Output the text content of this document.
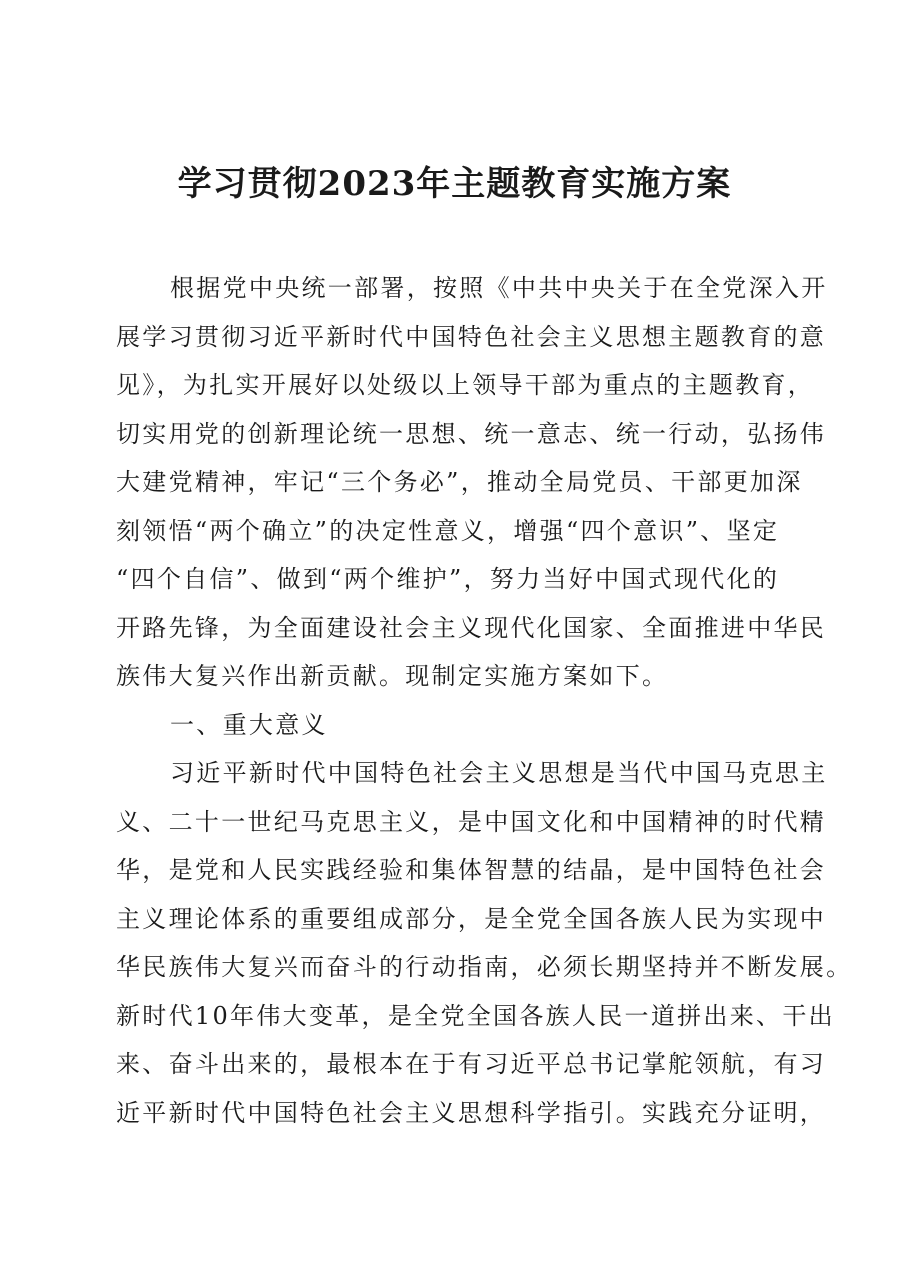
学习贯彻2023年主题教育实施方案
根据党中央统一部署，按照《中共中央关于在全党深入开
展学习贯彻习近平新时代中国特色社会主义思想主题教育的意
见》，为扎实开展好以处级以上领导干部为重点的主题教育，
切实用党的创新理论统一思想、统一意志、统一行动，弘扬伟
大建党精神，牢记“三个务必”，推动全局党员、干部更加深
刻领悟“两个确立”的决定性意义，增强“四个意识”、坚定
“四个自信”、做到“两个维护”，努力当好中国式现代化的
开路先锋，为全面建设社会主义现代化国家、全面推进中华民
族伟大复兴作出新贡献。现制定实施方案如下。
一、重大意义
习近平新时代中国特色社会主义思想是当代中国马克思主
义、二十一世纪马克思主义，是中国文化和中国精神的时代精
华，是党和人民实践经验和集体智慧的结晶，是中国特色社会
主义理论体系的重要组成部分，是全党全国各族人民为实现中
华民族伟大复兴而奋斗的行动指南，必须长期坚持并不断发展。
新时代10年伟大变革，是全党全国各族人民一道拼出来、干出
来、奋斗出来的，最根本在于有习近平总书记掌舵领航，有习
近平新时代中国特色社会主义思想科学指引。实践充分证明，
